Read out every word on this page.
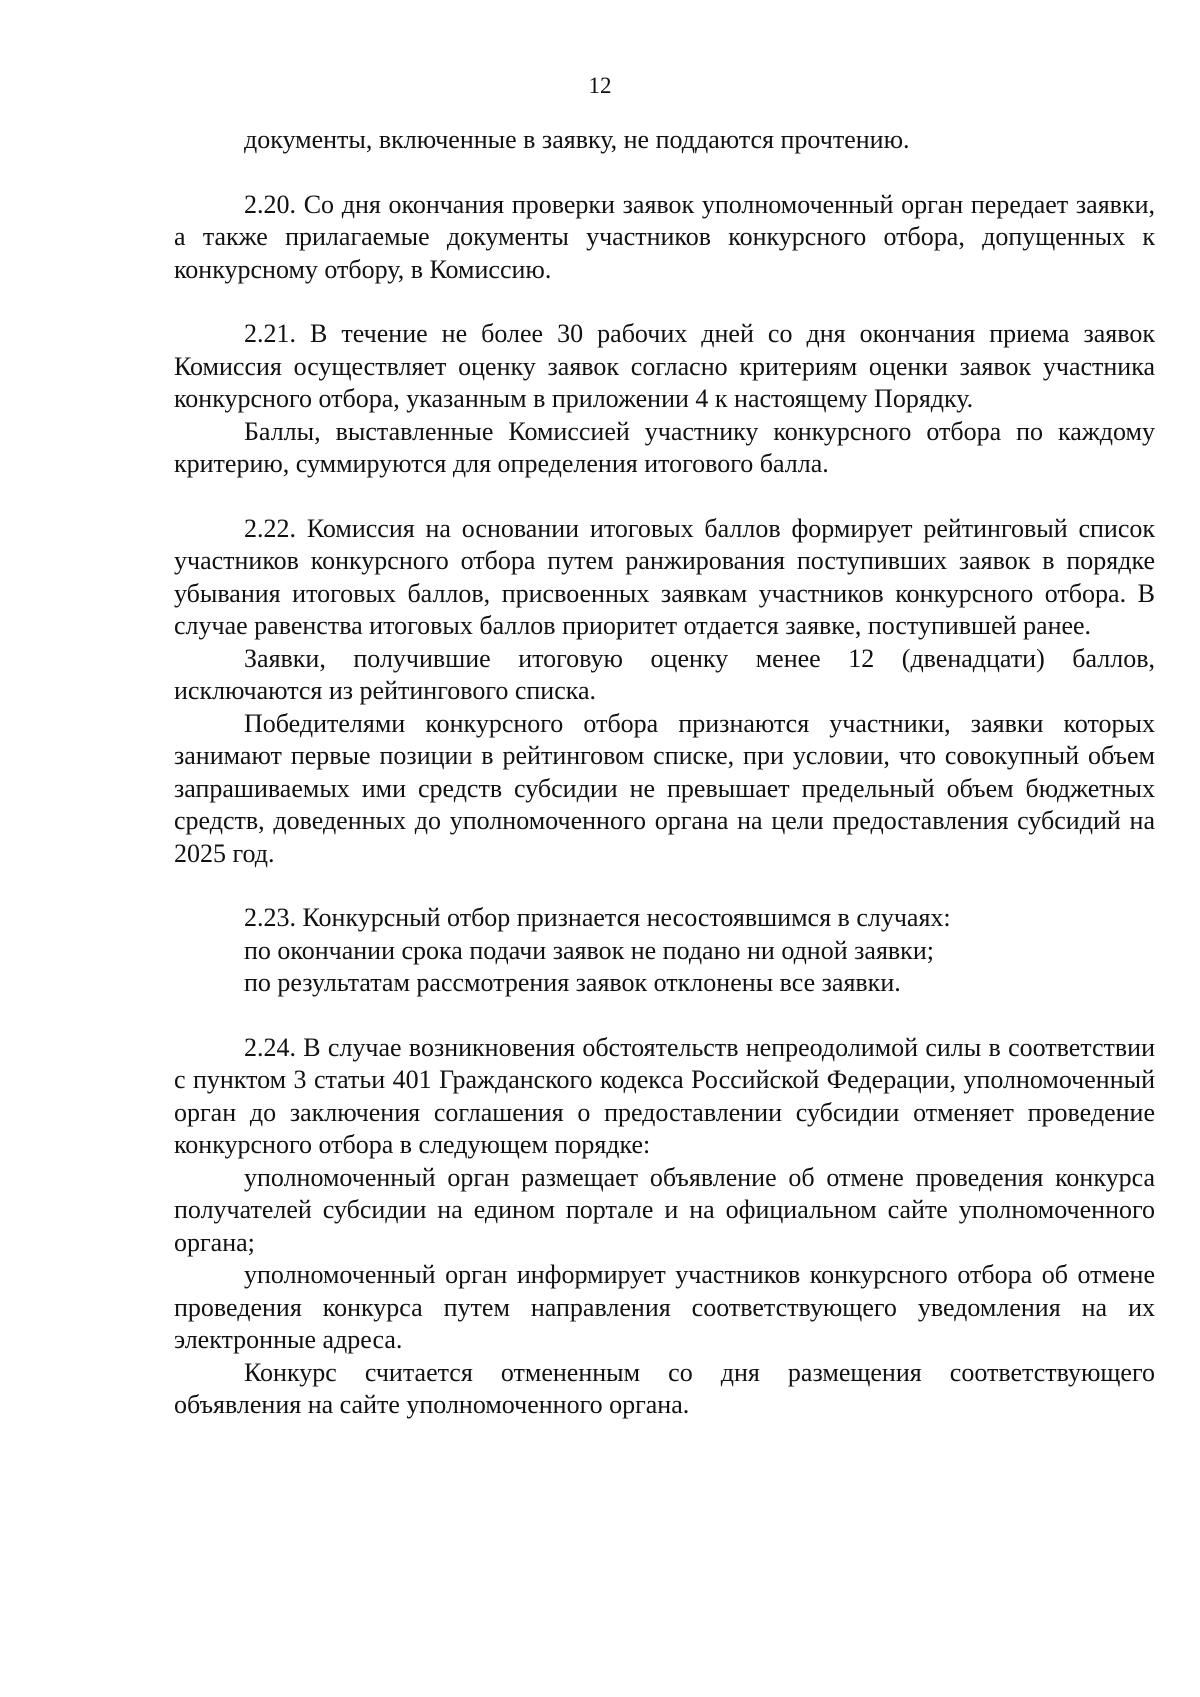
12

документы, включенные в заявку, не поддаются прочтению.

2.20. Со дня окончания проверки заявок уполномоченный орган передает заявки, а также прилагаемые документы участников конкурсного отбора, допущенных к конкурсному отбору, в Комиссию.

2.21. В течение не более 30 рабочих дней со дня окончания приема заявок Комиссия осуществляет оценку заявок согласно критериям оценки заявок участника конкурсного отбора, указанным в приложении 4 к настоящему Порядку.

Баллы, выставленные Комиссией участнику конкурсного отбора по каждому критерию, суммируются для определения итогового балла.

2.22. Комиссия на основании итоговых баллов формирует рейтинговый список участников конкурсного отбора путем ранжирования поступивших заявок в порядке убывания итоговых баллов, присвоенных заявкам участников конкурсного отбора. В случае равенства итоговых баллов приоритет отдается заявке, поступившей ранее.

Заявки, получившие итоговую оценку менее 12 (двенадцати) баллов, исключаются из рейтингового списка.

Победителями конкурсного отбора признаются участники, заявки которых занимают первые позиции в рейтинговом списке, при условии, что совокупный объем запрашиваемых ими средств субсидии не превышает предельный объем бюджетных средств, доведенных до уполномоченного органа на цели предоставления субсидий на 2025 год.

2.23. Конкурсный отбор признается несостоявшимся в случаях:

по окончании срока подачи заявок не подано ни одной заявки;

по результатам рассмотрения заявок отклонены все заявки.

2.24. В случае возникновения обстоятельств непреодолимой силы в соответствии с пунктом 3 статьи 401 Гражданского кодекса Российской Федерации, уполномоченный орган до заключения соглашения о предоставлении субсидии отменяет проведение конкурсного отбора в следующем порядке:

уполномоченный орган размещает объявление об отмене проведения конкурса получателей субсидии на едином портале и на официальном сайте уполномоченного органа;

уполномоченный орган информирует участников конкурсного отбора об отмене проведения конкурса путем направления соответствующего уведомления на их электронные адреса.

Конкурс считается отмененным со дня размещения соответствующего объявления на сайте уполномоченного органа.
